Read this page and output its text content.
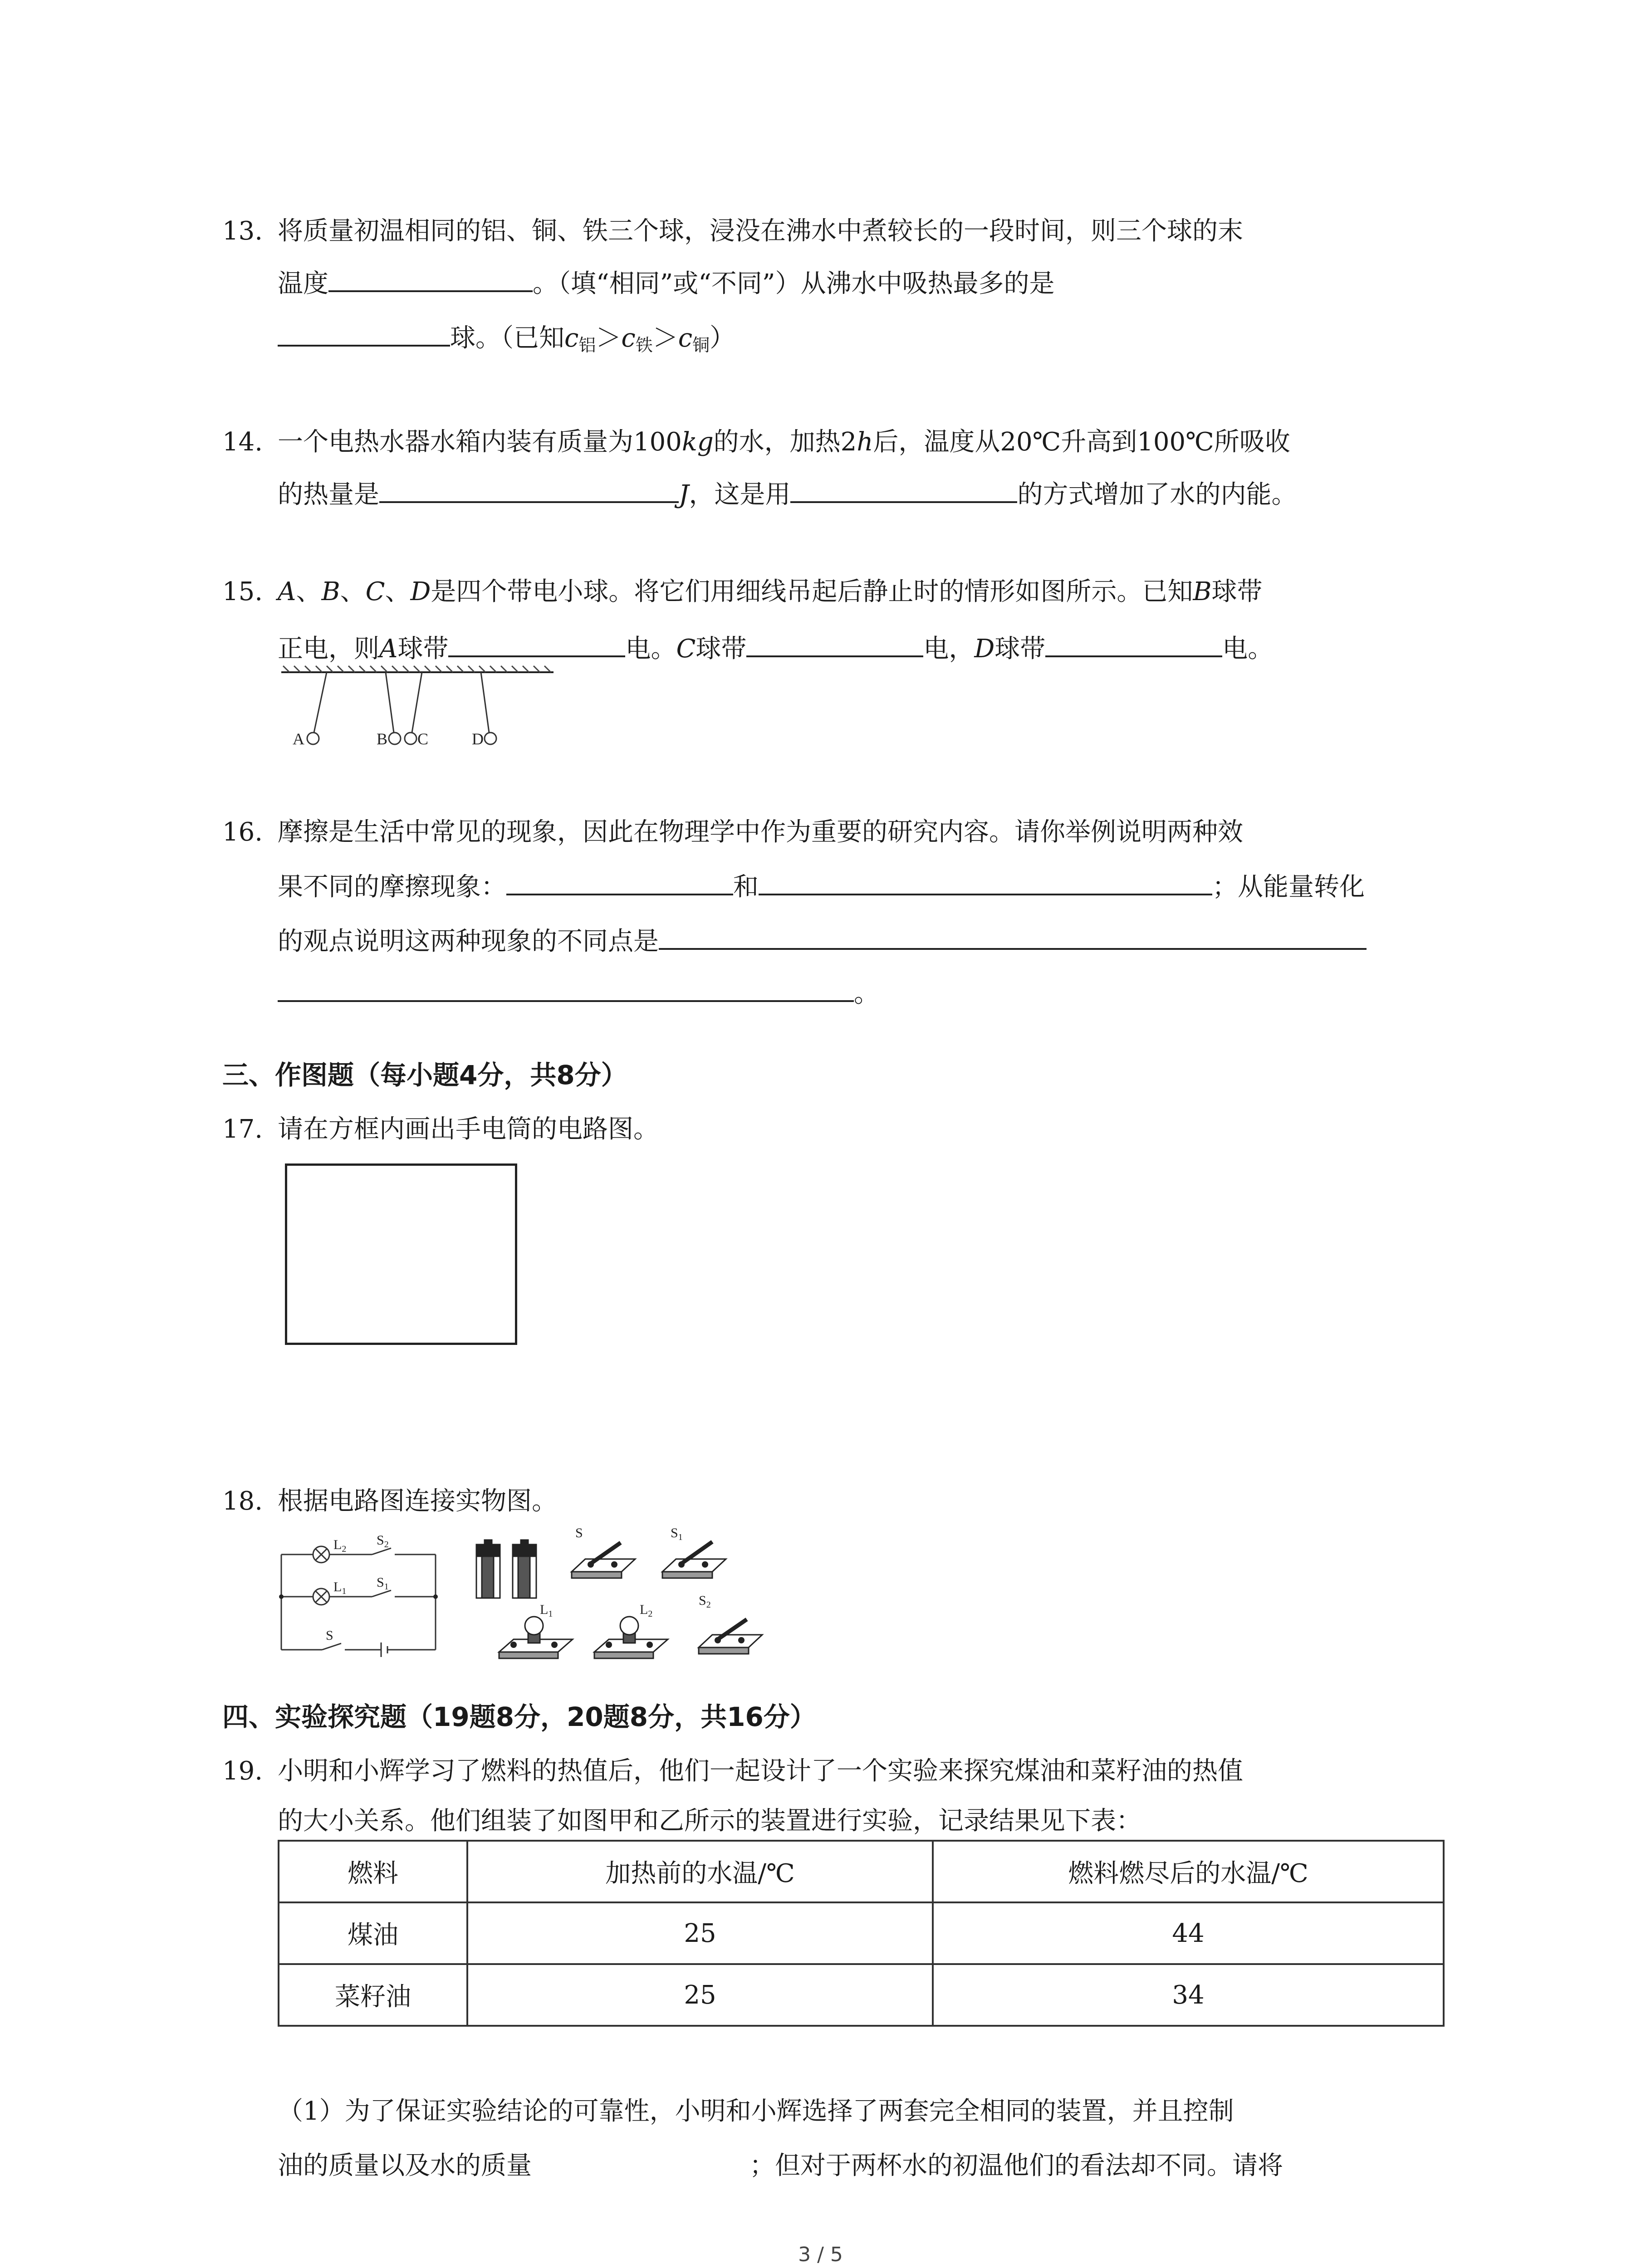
13. 将质量初温相同的铝、铜、铁三个球，浸没在沸水中煮较长的一段时间，则三个球的末
温度	。（填“相同”或“不同”）从沸水中吸热最多的是
球。（已知$c_铝>c_铁>c_铜$）
14. 一个电热水器水箱内装有质量为100kg的水，加热2h后，温度从20℃升高到100℃所吸收
的热量是	J，这是用	的方式增加了水的内能。
15. A、B、C、D是四个带电小球。将它们用细线吊起后静止时的情形如图所示。已知B球带
正电，则A球带	电。C球带	电，D球带	电。
A	B C	D
16. 摩擦是生活中常见的现象，因此在物理学中作为重要的研究内容。请你举例说明两种效
果不同的摩擦现象：	和	；从能量转化
的观点说明这两种现象的不同点是
。
三、作图题（每小题4分，共8分）
17. 请在方框内画出手电筒的电路图。
18. 根据电路图连接实物图。
$L_2$
$S_2$
$L_1$
$S_1$
S
S	$S_1$
$L_1$	$L_2$
$S_2$
四、实验探究题（19题8分，20题8分，共16分）
19. 小明和小辉学习了燃料的热值后，他们一起设计了一个实验来探究煤油和菜籽油的热值
的大小关系。他们组装了如图甲和乙所示的装置进行实验，记录结果见下表：
燃料	加热前的水温/℃	燃料燃尽后的水温/℃
煤油	25	44
菜籽油	25	34
（1）为了保证实验结论的可靠性，小明和小辉选择了两套完全相同的装置，并且控制
油的质量以及水的质量	；但对于两杯水的初温他们的看法却不同。请将
3 / 5
